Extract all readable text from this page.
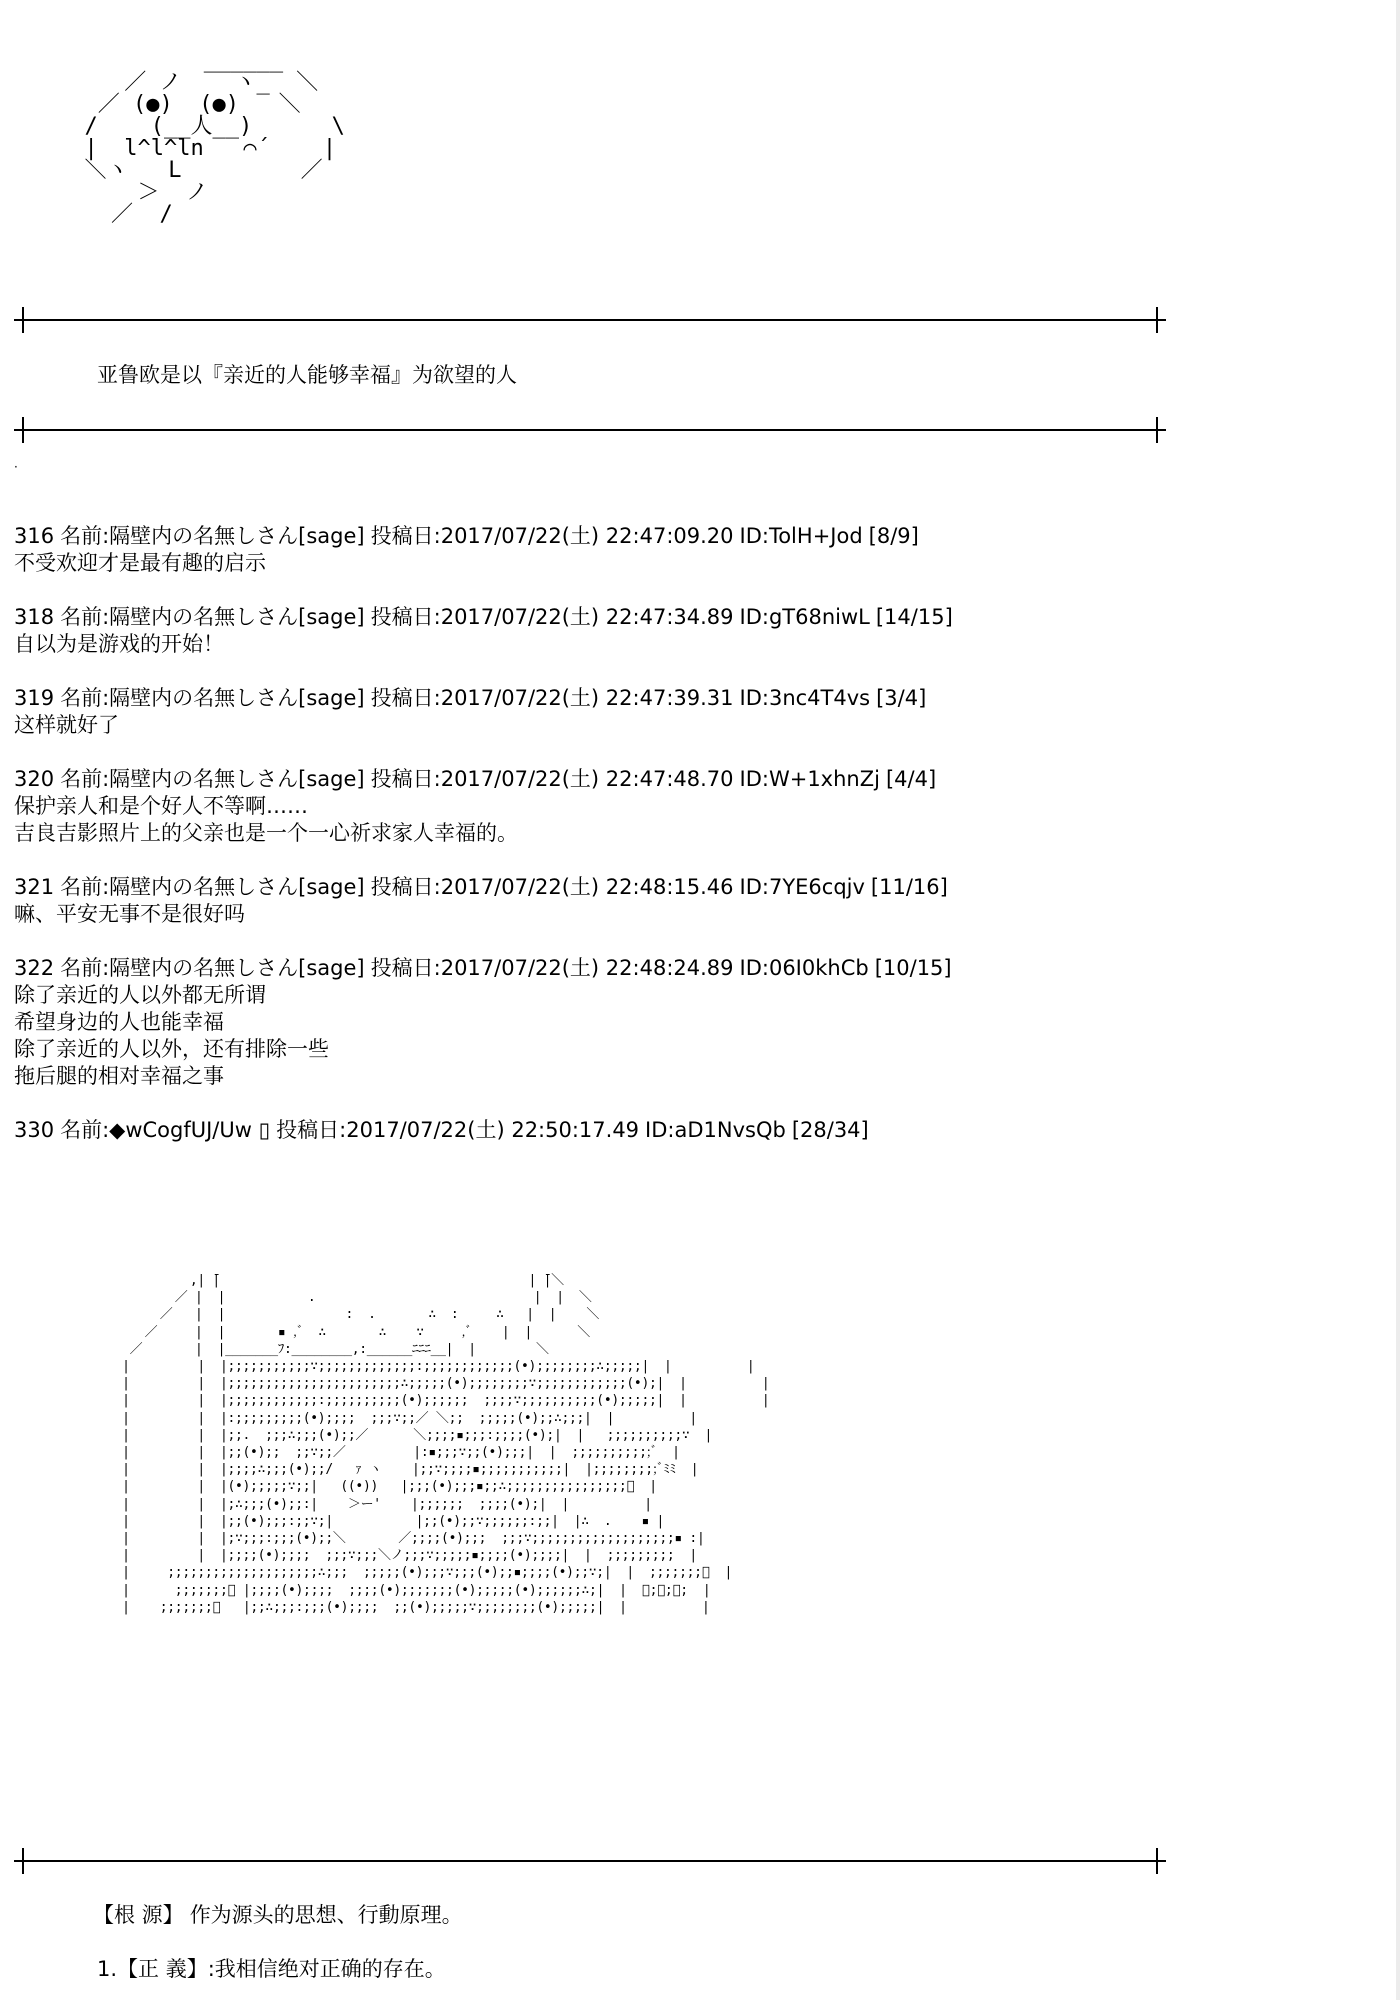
______
／ ノ    ヽ_  ＼
／ (●)  (●)   ＼
/    (__人__)      \
|  l^l^ln   ⌒´    |
＼ヽ   L         ／
＞  ノ
／  /
亚鲁欧是以『亲近的人能够幸福』为欲望的人
·
316 名前:隔壁内の名無しさん[sage] 投稿日:2017/07/22(土) 22:47:09.20 ID:TolH+Jod [8/9]
不受欢迎才是最有趣的启示
318 名前:隔壁内の名無しさん[sage] 投稿日:2017/07/22(土) 22:47:34.89 ID:gT68niwL [14/15]
自以为是游戏的开始！
319 名前:隔壁内の名無しさん[sage] 投稿日:2017/07/22(土) 22:47:39.31 ID:3nc4T4vs [3/4]
这样就好了
320 名前:隔壁内の名無しさん[sage] 投稿日:2017/07/22(土) 22:47:48.70 ID:W+1xhnZj [4/4]
保护亲人和是个好人不等啊……
吉良吉影照片上的父亲也是一个一心祈求家人幸福的。
321 名前:隔壁内の名無しさん[sage] 投稿日:2017/07/22(土) 22:48:15.46 ID:7YE6cqjv [11/16]
嘛、平安无事不是很好吗
322 名前:隔壁内の名無しさん[sage] 投稿日:2017/07/22(土) 22:48:24.89 ID:06I0khCb [10/15]
除了亲近的人以外都无所谓
希望身边的人也能幸福
除了亲近的人以外，还有排除一些
拖后腿的相对幸福之事
330 名前:◆wCogfUJ/Uw ▯ 投稿日:2017/07/22(土) 22:50:17.49 ID:aD1NvsQb [28/34]
,| ̄|                                         | ̄|＼
／ |  |           .                             |  |  ＼
／   |  |                :  .       ∴  :     ∴   |  |    ＼
／     |  |       ▪ ,ﾞ  ∴       ∴    ∵     ,ﾞ    |  |      ＼
／       |  |_______ﾌ:________,:______ﾆﾆﾆ__|  |        ＼
|         |  |;;;;;;;;;;;∵;;;;;;;;;;;;;:;;;;;;;;;;;;(•);;;;;;;;∴;;;;;|  |          |
|         |  |;;;;;;;;;;;;;;;;;;;;;;;∴;;;;;(•);;;;;;;;∵;;;;;;;;;;;;(•);|  |          |
|         |  |;;;;;;;;;;;;:;;;;;;;;;;(•);;;;;;  ;;;;∵;;;;;;;;;;(•);;;;;|  |          |
|         |  |:;;;;;;;;;(•);;;;  ;;;∵;;／ ＼;;  ;;;;;(•);;∴;;;|  |          |
|         |  |;;.  ;;;∴;;;(•);;／      ＼;;;;▪;;;:;;;;(•);|  |   ;;;;;;;;;;∵  |
|         |  |;;(•);;  ;;∵;;／         |:▪;;;∵;;(•);;;|  |  ;;;;;;;;;;;ﾞ  |
|         |  |;;;;∴;;;(•);;/   ｧ ヽ    |;;∵;;;;▪;;;;;;;;;;;|  |;;;;;;;;;ﾞﾐﾐ  |
|         |  |(•);;;;;∵;;|   ((•))   |;;;(•);;;▪;;∴;;;;;;;;;;;;;;;;ﾞ  |
|         |  |;∴;;;(•);;:|    ＞ー'    |;;;;;;  ;;;;(•);|  |          |
|         |  |;;(•);;;:;;∵;|           |;;(•);;∵;;;;;;:;;|  |∴  .    ▪ |
|         |  |;∵;;;:;;;(•);;＼       ／;;;;(•);;;  ;;;∵;;;;;;;;;;;;;;;;;;;▪ :|
|         |  |;;;;(•);;;;  ;;;∵;;;＼ノ;;;∵;;;;;▪;;;;(•);;;;|  |  ;;;;;;;;;  |
|     ;;;;;;;;;;;;;;;;;;;;∴;;;  ;;;;;(•);;;∵;;;(•);;▪;;;;(•);;∵;|  |  ;;;;;;;ﾞ  |
|      ;;;;;;;ﾞ |;;;;(•);;;;  ;;;;(•);;;;;;;(•);;;;;(•);;;;;;∴;|  |  ﾞ;ﾞ;ﾞ;  |
|    ;;;;;;;ﾞ   |;;∴;;;:;;;(•);;;;  ;;(•);;;;;∵;;;;;;;;(•);;;;;|  |          |
【根 源】 作为源头的思想、行動原理。
1.【正 義】:我相信绝对正确的存在。
